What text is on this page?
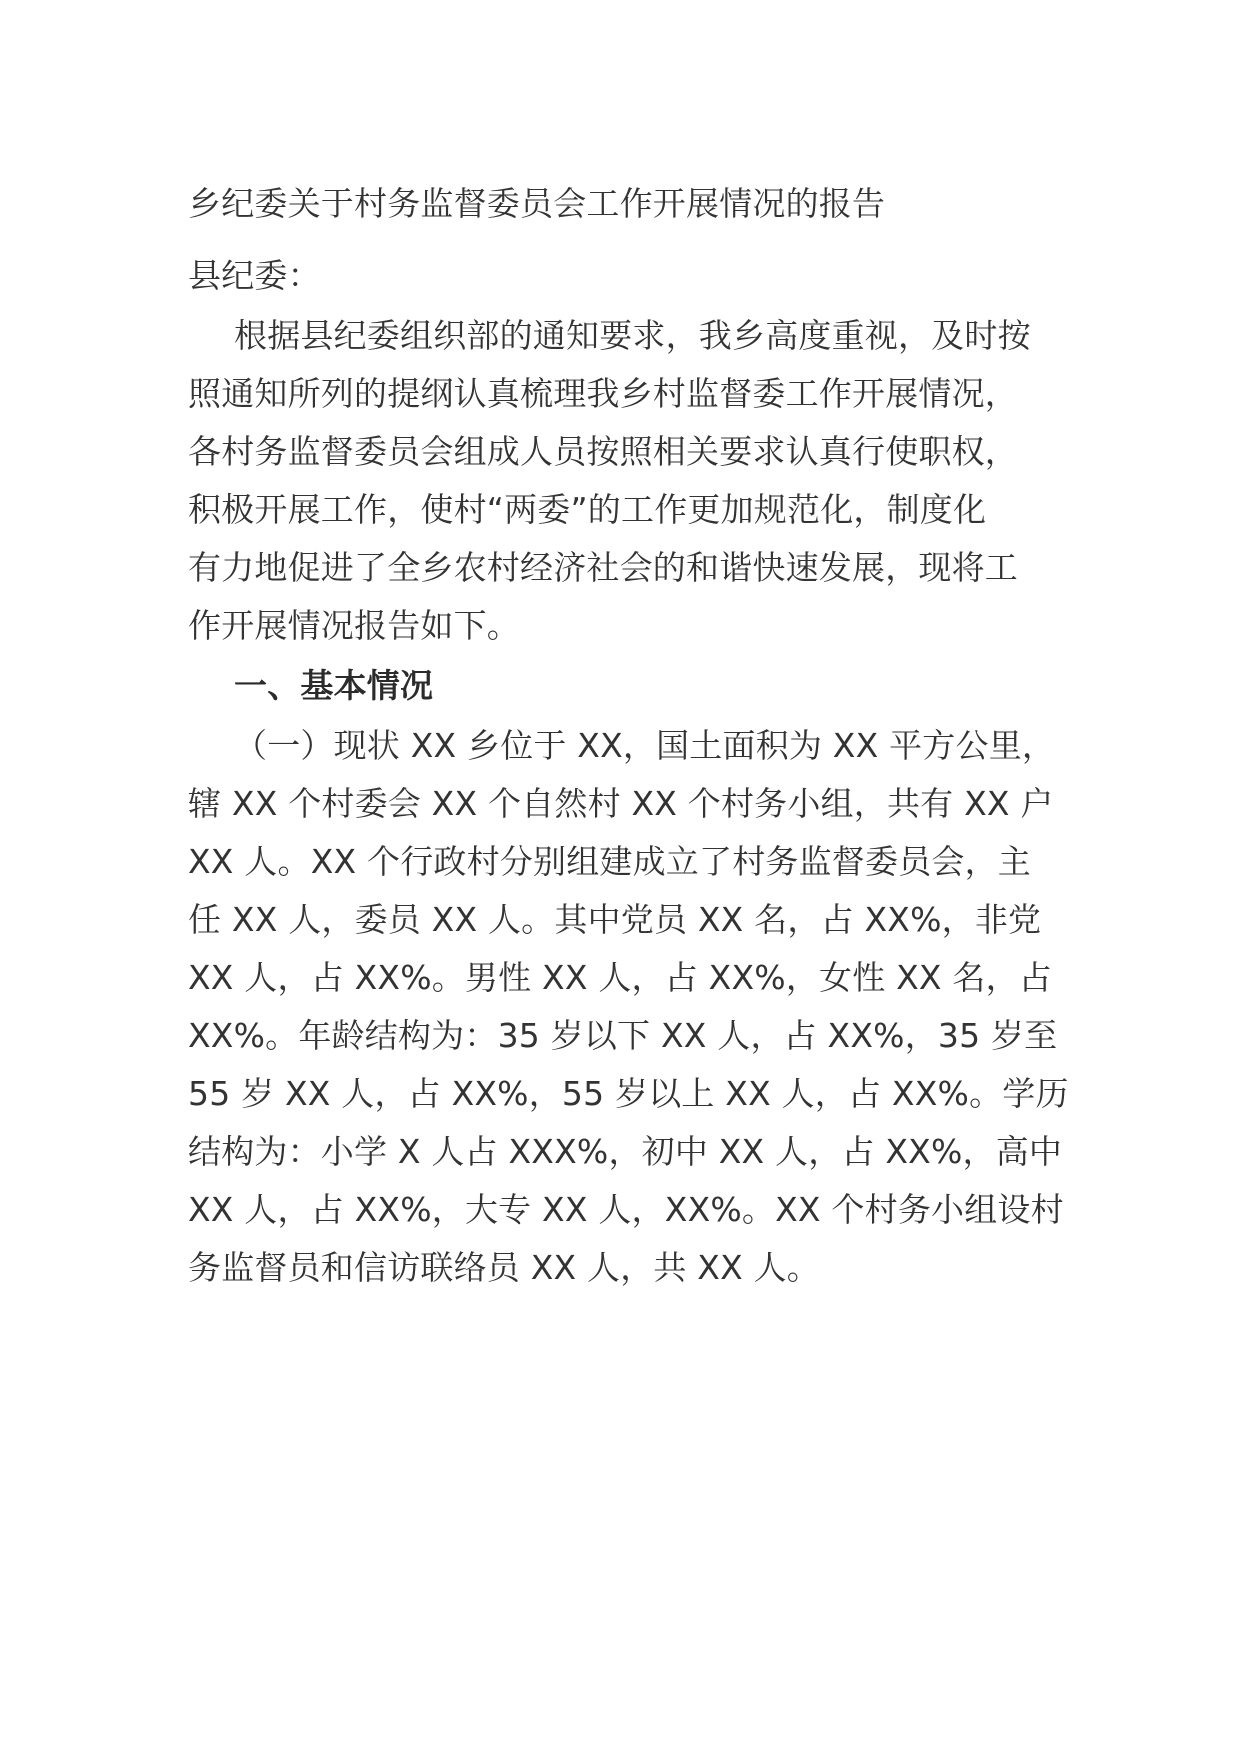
乡纪委关于村务监督委员会工作开展情况的报告
县纪委：
根据县纪委组织部的通知要求，我乡高度重视，及时按
照通知所列的提纲认真梳理我乡村监督委工作开展情况，
各村务监督委员会组成人员按照相关要求认真行使职权，
积极开展工作，使村“两委”的工作更加规范化，制度化
有力地促进了全乡农村经济社会的和谐快速发展，现将工
作开展情况报告如下。
一、基本情况
（一）现状 XX 乡位于 XX，国土面积为 XX 平方公里，
辖 XX 个村委会 XX 个自然村 XX 个村务小组，共有 XX 户
XX 人。XX 个行政村分别组建成立了村务监督委员会，主
任 XX 人，委员 XX 人。其中党员 XX 名，占 XX%，非党
XX 人，占 XX%。男性 XX 人，占 XX%，女性 XX 名，占
XX%。年龄结构为：35 岁以下 XX 人，占 XX%，35 岁至
55 岁 XX 人，占 XX%，55 岁以上 XX 人，占 XX%。学历
结构为：小学 X 人占 XXX%，初中 XX 人，占 XX%，高中
XX 人，占 XX%，大专 XX 人，XX%。XX 个村务小组设村
务监督员和信访联络员 XX 人，共 XX 人。
